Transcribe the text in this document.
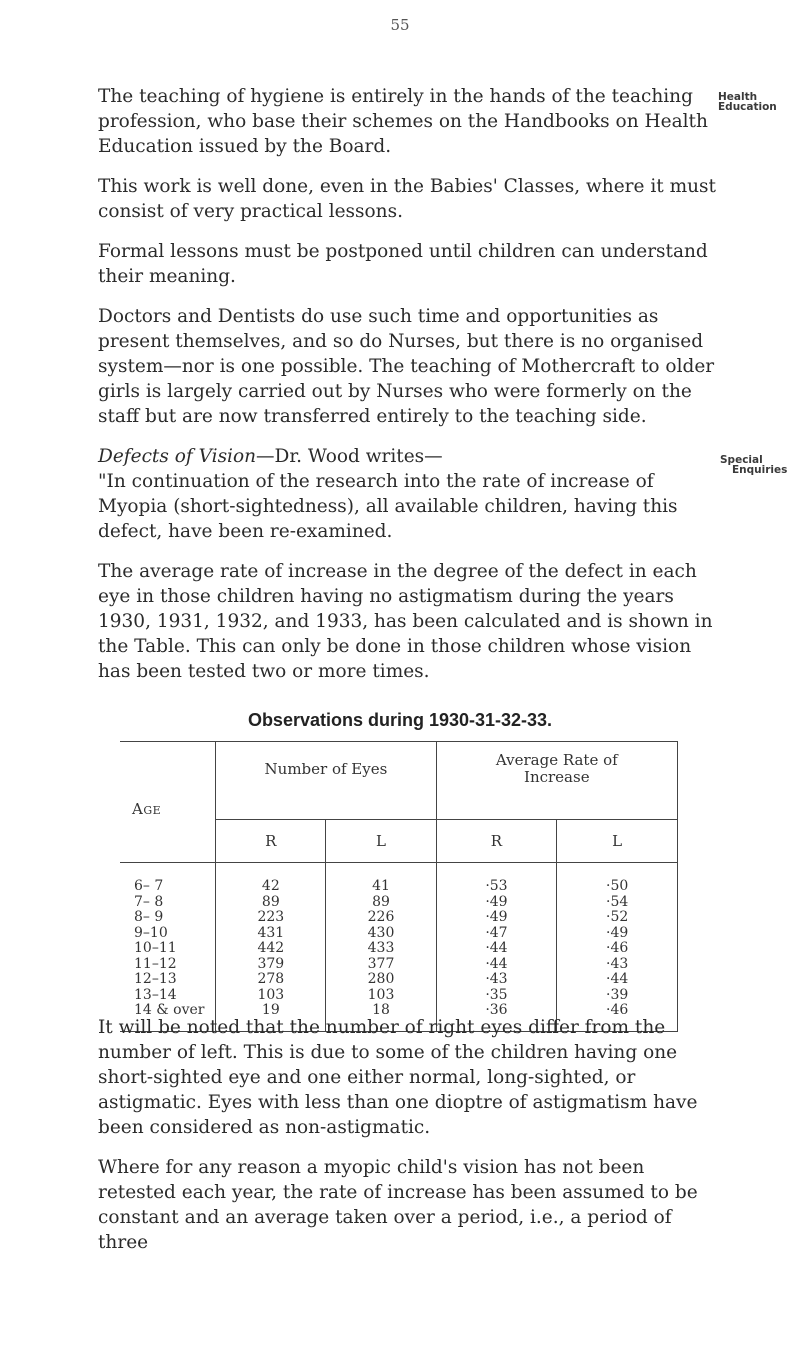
55
Health
Education
Special
Enquiries

The teaching of hygiene is entirely in the hands of the teaching profession, who base their schemes on the Handbooks on Health Education issued by the Board.

This work is well done, even in the Babies' Classes, where it must consist of very practical lessons.

Formal lessons must be postponed until children can understand their meaning.

Doctors and Dentists do use such time and opportunities as present themselves, and so do Nurses, but there is no organised system—nor is one possible. The teaching of Mothercraft to older girls is largely carried out by Nurses who were formerly on the staff but are now transferred entirely to the teaching side.

Defects of Vision—Dr. Wood writes—

"In continuation of the research into the rate of increase of Myopia (short-sightedness), all available children, having this defect, have been re-examined.

The average rate of increase in the degree of the defect in each eye in those children having no astigmatism during the years 1930, 1931, 1932, and 1933, has been calculated and is shown in the Table. This can only be done in those children whose vision has been tested two or more times.

Observations during 1930-31-32-33.
Age	Number of Eyes		Average Rate of Increase	
	R	L	R	L

6– 7	42	41	·53	·50
7– 8	89	89	·49	·54
8– 9	223	226	·49	·52
9–10	431	430	·47	·49
10–11	442	433	·44	·46
11–12	379	377	·44	·43
12–13	278	280	·43	·44
13–14	103	103	·35	·39
14 & over	19	18	·36	·46

It will be noted that the number of right eyes differ from the number of left. This is due to some of the children having one short-sighted eye and one either normal, long-sighted, or astigmatic. Eyes with less than one dioptre of astigmatism have been considered as non-astigmatic.

Where for any reason a myopic child's vision has not been retested each year, the rate of increase has been assumed to be constant and an average taken over a period, i.e., a period of three
